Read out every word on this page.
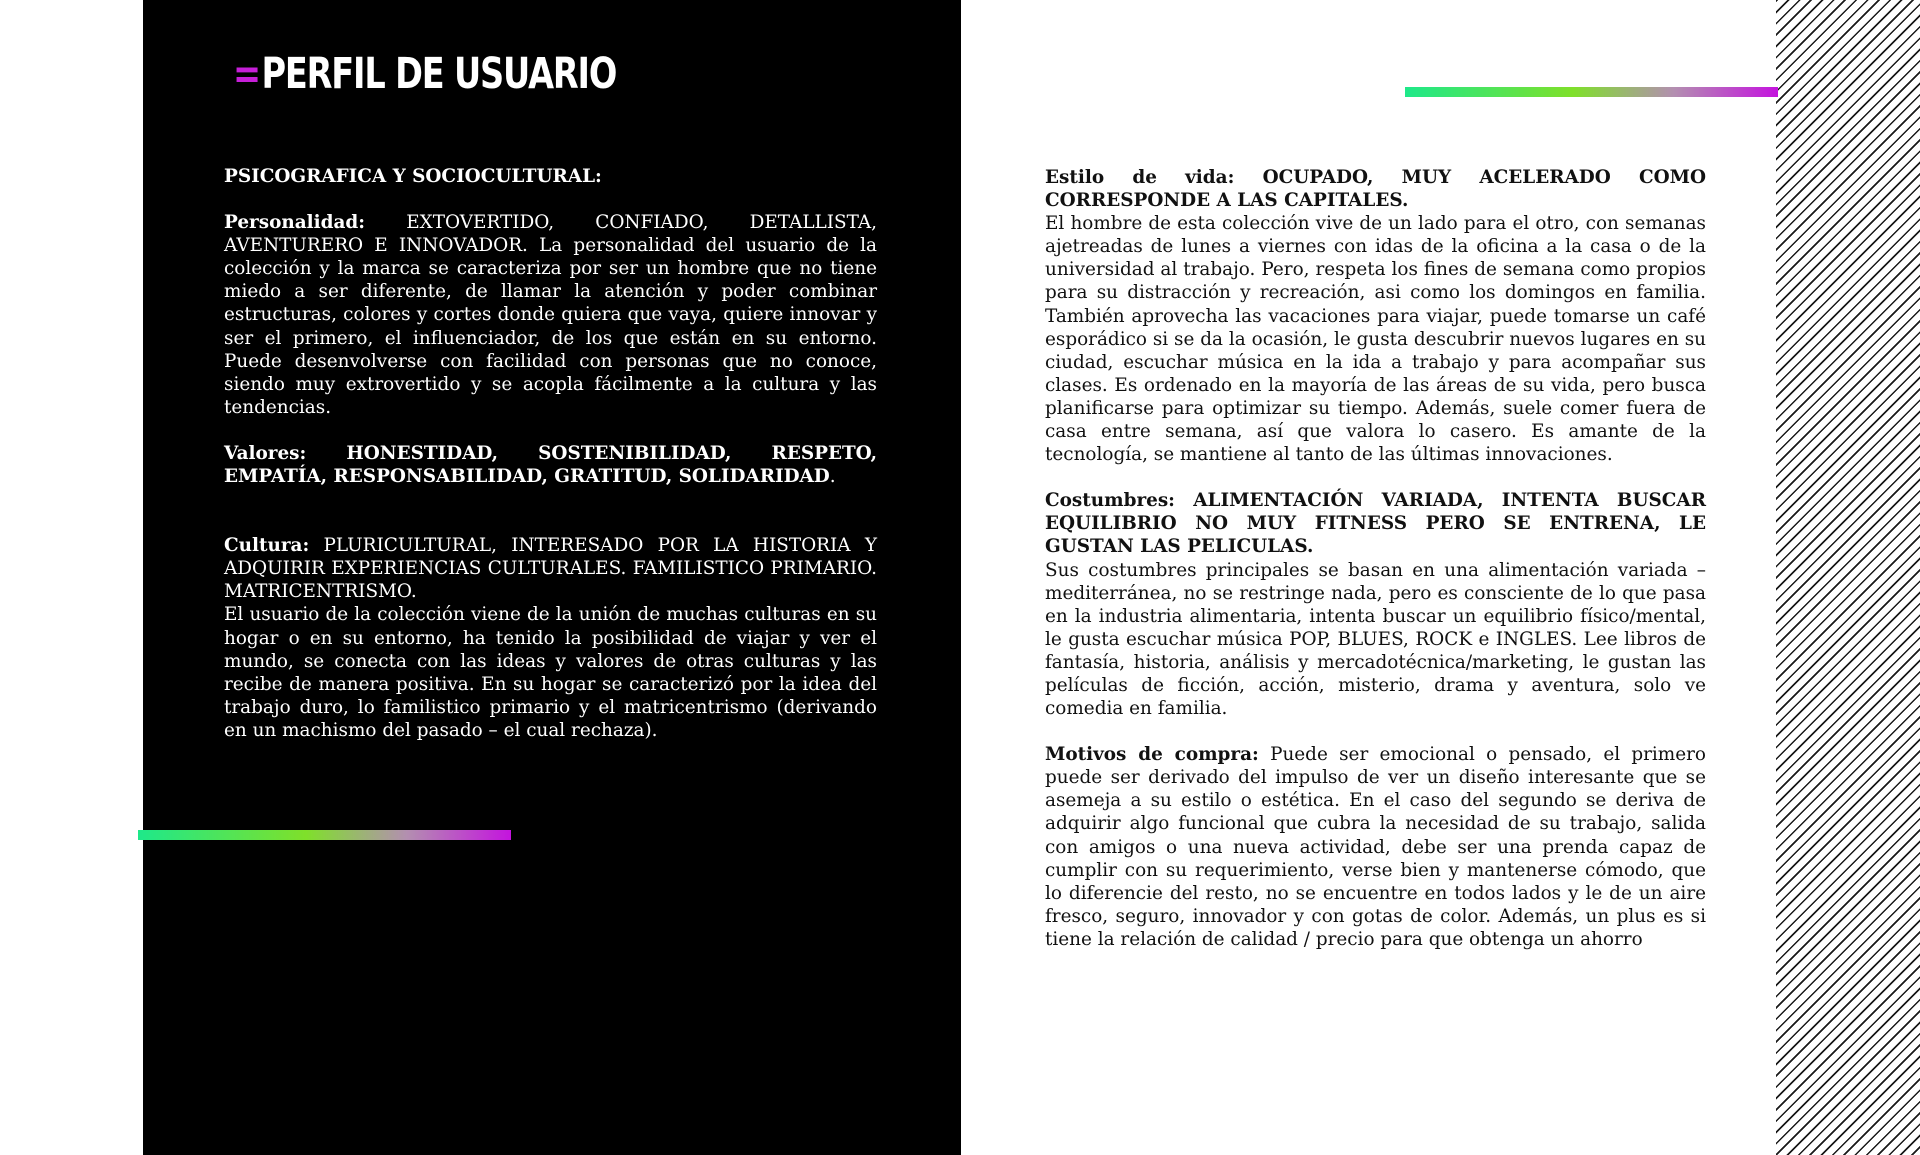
=PERFIL DE USUARIO

PSICOGRAFICA Y SOCIOCULTURAL:

Personalidad: EXTOVERTIDO, CONFIADO, DETALLISTA, AVENTURERO E INNOVADOR. La personalidad del usuario de la colección y la marca se caracteriza por ser un hombre que no tiene miedo a ser diferente, de llamar la atención y poder combinar estructuras, colores y cortes donde quiera que vaya, quiere innovar y ser el primero, el influenciador, de los que están en su entorno. Puede desenvolverse con facilidad con personas que no conoce, siendo muy extrovertido y se acopla fácilmente a la cultura y las tendencias.

Valores: HONESTIDAD, SOSTENIBILIDAD, RESPETO, EMPATÍA, RESPONSABILIDAD, GRATITUD, SOLIDARIDAD.

Cultura: PLURICULTURAL, INTERESADO POR LA HISTORIA Y ADQUIRIR EXPERIENCIAS CULTURALES. FAMILISTICO PRIMARIO. MATRICENTRISMO.

El usuario de la colección viene de la unión de muchas culturas en su hogar o en su entorno, ha tenido la posibilidad de viajar y ver el mundo, se conecta con las ideas y valores de otras culturas y las recibe de manera positiva. En su hogar se caracterizó por la idea del trabajo duro, lo familistico primario y el matricentrismo (derivando en un machismo del pasado – el cual rechaza).

Estilo de vida: OCUPADO, MUY ACELERADO COMO CORRESPONDE A LAS CAPITALES.

El hombre de esta colección vive de un lado para el otro, con semanas ajetreadas de lunes a viernes con idas de la oficina a la casa o de la universidad al trabajo. Pero, respeta los fines de semana como propios para su distracción y recreación, asi como los domingos en familia. También aprovecha las vacaciones para viajar, puede tomarse un café esporádico si se da la ocasión, le gusta descubrir nuevos lugares en su ciudad, escuchar música en la ida a trabajo y para acompañar sus clases. Es ordenado en la mayoría de las áreas de su vida, pero busca planificarse para optimizar su tiempo. Además, suele comer fuera de casa entre semana, así que valora lo casero. Es amante de la tecnología, se mantiene al tanto de las últimas innovaciones.

Costumbres: ALIMENTACIÓN VARIADA, INTENTA BUSCAR EQUILIBRIO NO MUY FITNESS PERO SE ENTRENA, LE GUSTAN LAS PELICULAS.

Sus costumbres principales se basan en una alimentación variada – mediterránea, no se restringe nada, pero es consciente de lo que pasa en la industria alimentaria, intenta buscar un equilibrio físico/mental, le gusta escuchar música POP, BLUES, ROCK e INGLES. Lee libros de fantasía, historia, análisis y mercadotécnica/marketing, le gustan las películas de ficción, acción, misterio, drama y aventura, solo ve comedia en familia.

Motivos de compra: Puede ser emocional o pensado, el primero puede ser derivado del impulso de ver un diseño interesante que se asemeja a su estilo o estética. En el caso del segundo se deriva de adquirir algo funcional que cubra la necesidad de su trabajo, salida con amigos o una nueva actividad, debe ser una prenda capaz de cumplir con su requerimiento, verse bien y mantenerse cómodo, que lo diferencie del resto, no se encuentre en todos lados y le de un aire fresco, seguro, innovador y con gotas de color. Además, un plus es si tiene la relación de calidad / precio para que obtenga un ahorro
